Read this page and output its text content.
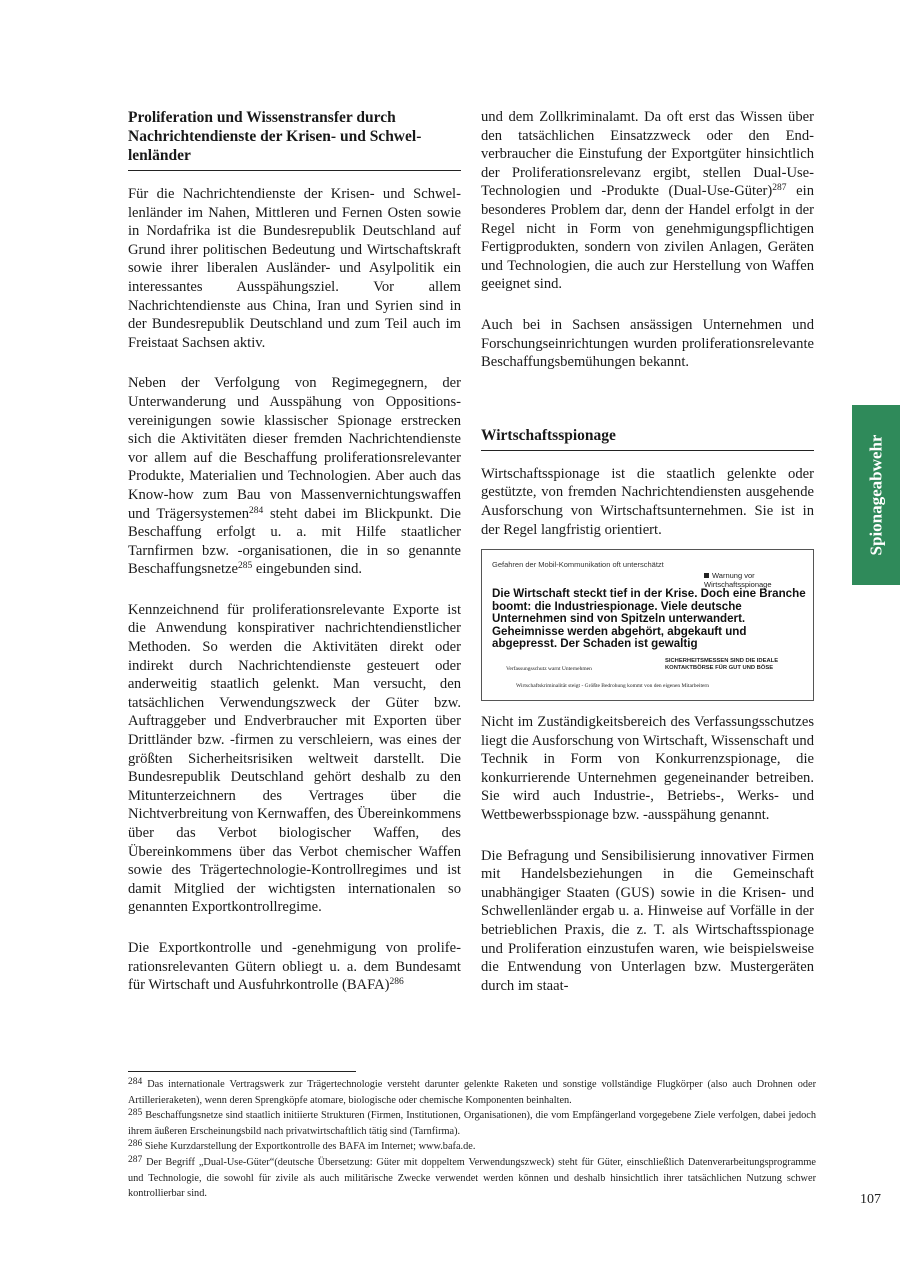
Proliferation und Wissenstransfer durch Nachrichtendienste der Krisen- und Schwellenländer

Für die Nachrichtendienste der Krisen- und Schwellenländer im Nahen, Mittleren und Fernen Osten sowie in Nordafrika ist die Bundesrepublik Deutschland auf Grund ihrer politischen Bedeutung und Wirtschaftskraft sowie ihrer liberalen Ausländer- und Asylpolitik ein interessantes Ausspähungsziel. Vor allem Nachrichtendienste aus China, Iran und Syrien sind in der Bundesrepublik Deutschland und zum Teil auch im Freistaat Sachsen aktiv.

Neben der Verfolgung von Regimegegnern, der Unterwanderung und Ausspähung von Oppositionsvereinigungen sowie klassischer Spionage erstrecken sich die Aktivitäten dieser fremden Nachrichtendienste vor allem auf die Beschaffung proliferationsrelevanter Produkte, Materialien und Technologien. Aber auch das Know-how zum Bau von Massenvernichtungswaffen und Trägersystemen$^{284}$ steht dabei im Blickpunkt. Die Beschaffung erfolgt u. a. mit Hilfe staatlicher Tarnfirmen bzw. -organisationen, die in so genannte Beschaffungsnetze$^{285}$ eingebunden sind.

Kennzeichnend für proliferationsrelevante Exporte ist die Anwendung konspirativer nachrichtendienstlicher Methoden. So werden die Aktivitäten direkt oder indirekt durch Nachrichtendienste gesteuert oder anderweitig staatlich gelenkt. Man versucht, den tatsächlichen Verwendungszweck der Güter bzw. Auftraggeber und Endverbraucher mit Exporten über Drittländer bzw. -firmen zu verschleiern, was eines der größten Sicherheitsrisiken weltweit darstellt. Die Bundesrepublik Deutschland gehört deshalb zu den Mitunterzeichnern des Vertrages über die Nichtverbreitung von Kernwaffen, des Übereinkommens über das Verbot biologischer Waffen, des Übereinkommens über das Verbot chemischer Waffen sowie des Trägertechnologie-Kontrollregimes und ist damit Mitglied der wichtigsten internationalen so genannten Exportkontrollregime.

Die Exportkontrolle und -genehmigung von proliferationsrelevanten Gütern obliegt u. a. dem Bundesamt für Wirtschaft und Ausfuhrkontrolle (BAFA)$^{286}$

und dem Zollkriminalamt. Da oft erst das Wissen über den tatsächlichen Einsatzzweck oder den Endverbraucher die Einstufung der Exportgüter hinsichtlich der Proliferationsrelevanz ergibt, stellen Dual-Use-Technologien und -Produkte (Dual-Use-Güter)$^{287}$ ein besonderes Problem dar, denn der Handel erfolgt in der Regel nicht in Form von genehmigungspflichtigen Fertigprodukten, sondern von zivilen Anlagen, Geräten und Technologien, die auch zur Herstellung von Waffen geeignet sind.

Auch bei in Sachsen ansässigen Unternehmen und Forschungseinrichtungen wurden proliferationsrelevante Beschaffungsbemühungen bekannt.

Wirtschaftsspionage

Wirtschaftsspionage ist die staatlich gelenkte oder gestützte, von fremden Nachrichtendiensten ausgehende Ausforschung von Wirtschaftsunternehmen. Sie ist in der Regel langfristig orientiert.

Gefahren der Mobil-Kommunikation oft unterschätzt
Warnung vor
Wirtschaftsspionage
Die Wirtschaft steckt tief in der Krise. Doch eine Branche boomt: die Industriespionage. Viele deutsche Unternehmen sind von Spitzeln unterwandert. Geheimnisse werden abgehört, abgekauft und abgepresst. Der Schaden ist gewaltig
SICHERHEITSMESSEN SIND DIE IDEALE
KONTAKTBÖRSE FÜR GUT UND BÖSE
Verfassungsschutz warnt Unternehmen
Wirtschaftskriminalität steigt - Größte Bedrohung kommt von den eigenen Mitarbeitern

Nicht im Zuständigkeitsbereich des Verfassungsschutzes liegt die Ausforschung von Wirtschaft, Wissenschaft und Technik in Form von Konkurrenzspionage, die konkurrierende Unternehmen gegeneinander betreiben. Sie wird auch Industrie-, Betriebs-, Werks- und Wettbewerbsspionage bzw. -ausspähung genannt.

Die Befragung und Sensibilisierung innovativer Firmen mit Handelsbeziehungen in die Gemeinschaft unabhängiger Staaten (GUS) sowie in die Krisen- und Schwellenländer ergab u. a. Hinweise auf Vorfälle in der betrieblichen Praxis, die z. T. als Wirtschaftsspionage und Proliferation einzustufen waren, wie beispielsweise die Entwendung von Unterlagen bzw. Mustergeräten durch im staat-

Spionageabwehr
$^{284}$ Das internationale Vertragswerk zur Trägertechnologie versteht darunter gelenkte Raketen und sonstige vollständige Flugkörper (also auch Drohnen oder Artillerieraketen), wenn deren Sprengköpfe atomare, biologische oder chemische Komponenten beinhalten.
$^{285}$ Beschaffungsnetze sind staatlich initiierte Strukturen (Firmen, Institutionen, Organisationen), die vom Empfängerland vorgegebene Ziele verfolgen, dabei jedoch ihrem äußeren Erscheinungsbild nach privatwirtschaftlich tätig sind (Tarnfirma).
$^{286}$ Siehe Kurzdarstellung der Exportkontrolle des BAFA im Internet; www.bafa.de.
$^{287}$ Der Begriff „Dual-Use-Güter“(deutsche Übersetzung: Güter mit doppeltem Verwendungszweck) steht für Güter, einschließlich Datenverarbeitungsprogramme und Technologie, die sowohl für zivile als auch militärische Zwecke verwendet werden können und deshalb hinsichtlich ihrer tatsächlichen Nutzung schwer kontrollierbar sind.	107
